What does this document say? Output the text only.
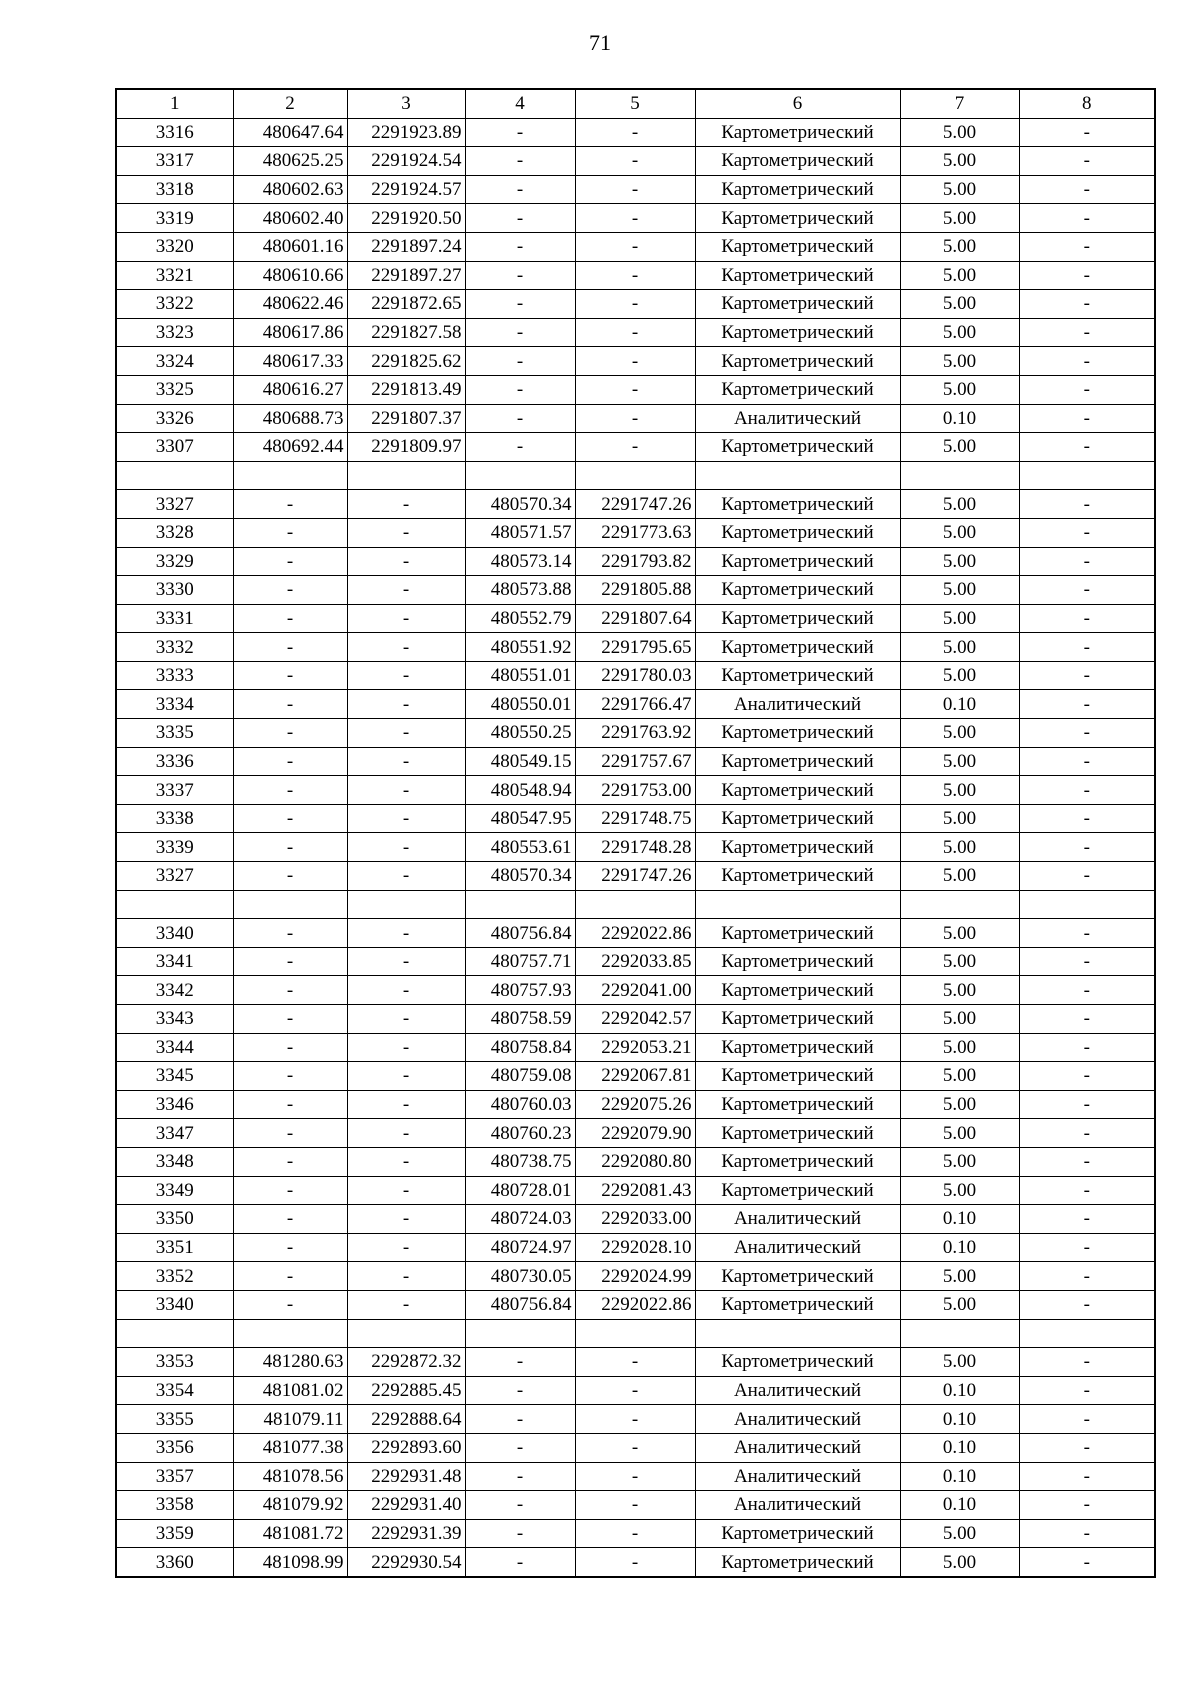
71
1	2	3	4	5	6	7	8
3316	480647.64	2291923.89	-	-	Картометрический	5.00	-
3317	480625.25	2291924.54	-	-	Картометрический	5.00	-
3318	480602.63	2291924.57	-	-	Картометрический	5.00	-
3319	480602.40	2291920.50	-	-	Картометрический	5.00	-
3320	480601.16	2291897.24	-	-	Картометрический	5.00	-
3321	480610.66	2291897.27	-	-	Картометрический	5.00	-
3322	480622.46	2291872.65	-	-	Картометрический	5.00	-
3323	480617.86	2291827.58	-	-	Картометрический	5.00	-
3324	480617.33	2291825.62	-	-	Картометрический	5.00	-
3325	480616.27	2291813.49	-	-	Картометрический	5.00	-
3326	480688.73	2291807.37	-	-	Аналитический	0.10	-
3307	480692.44	2291809.97	-	-	Картометрический	5.00	-

3327	-	-	480570.34	2291747.26	Картометрический	5.00	-
3328	-	-	480571.57	2291773.63	Картометрический	5.00	-
3329	-	-	480573.14	2291793.82	Картометрический	5.00	-
3330	-	-	480573.88	2291805.88	Картометрический	5.00	-
3331	-	-	480552.79	2291807.64	Картометрический	5.00	-
3332	-	-	480551.92	2291795.65	Картометрический	5.00	-
3333	-	-	480551.01	2291780.03	Картометрический	5.00	-
3334	-	-	480550.01	2291766.47	Аналитический	0.10	-
3335	-	-	480550.25	2291763.92	Картометрический	5.00	-
3336	-	-	480549.15	2291757.67	Картометрический	5.00	-
3337	-	-	480548.94	2291753.00	Картометрический	5.00	-
3338	-	-	480547.95	2291748.75	Картометрический	5.00	-
3339	-	-	480553.61	2291748.28	Картометрический	5.00	-
3327	-	-	480570.34	2291747.26	Картометрический	5.00	-

3340	-	-	480756.84	2292022.86	Картометрический	5.00	-
3341	-	-	480757.71	2292033.85	Картометрический	5.00	-
3342	-	-	480757.93	2292041.00	Картометрический	5.00	-
3343	-	-	480758.59	2292042.57	Картометрический	5.00	-
3344	-	-	480758.84	2292053.21	Картометрический	5.00	-
3345	-	-	480759.08	2292067.81	Картометрический	5.00	-
3346	-	-	480760.03	2292075.26	Картометрический	5.00	-
3347	-	-	480760.23	2292079.90	Картометрический	5.00	-
3348	-	-	480738.75	2292080.80	Картометрический	5.00	-
3349	-	-	480728.01	2292081.43	Картометрический	5.00	-
3350	-	-	480724.03	2292033.00	Аналитический	0.10	-
3351	-	-	480724.97	2292028.10	Аналитический	0.10	-
3352	-	-	480730.05	2292024.99	Картометрический	5.00	-
3340	-	-	480756.84	2292022.86	Картометрический	5.00	-

3353	481280.63	2292872.32	-	-	Картометрический	5.00	-
3354	481081.02	2292885.45	-	-	Аналитический	0.10	-
3355	481079.11	2292888.64	-	-	Аналитический	0.10	-
3356	481077.38	2292893.60	-	-	Аналитический	0.10	-
3357	481078.56	2292931.48	-	-	Аналитический	0.10	-
3358	481079.92	2292931.40	-	-	Аналитический	0.10	-
3359	481081.72	2292931.39	-	-	Картометрический	5.00	-
3360	481098.99	2292930.54	-	-	Картометрический	5.00	-
